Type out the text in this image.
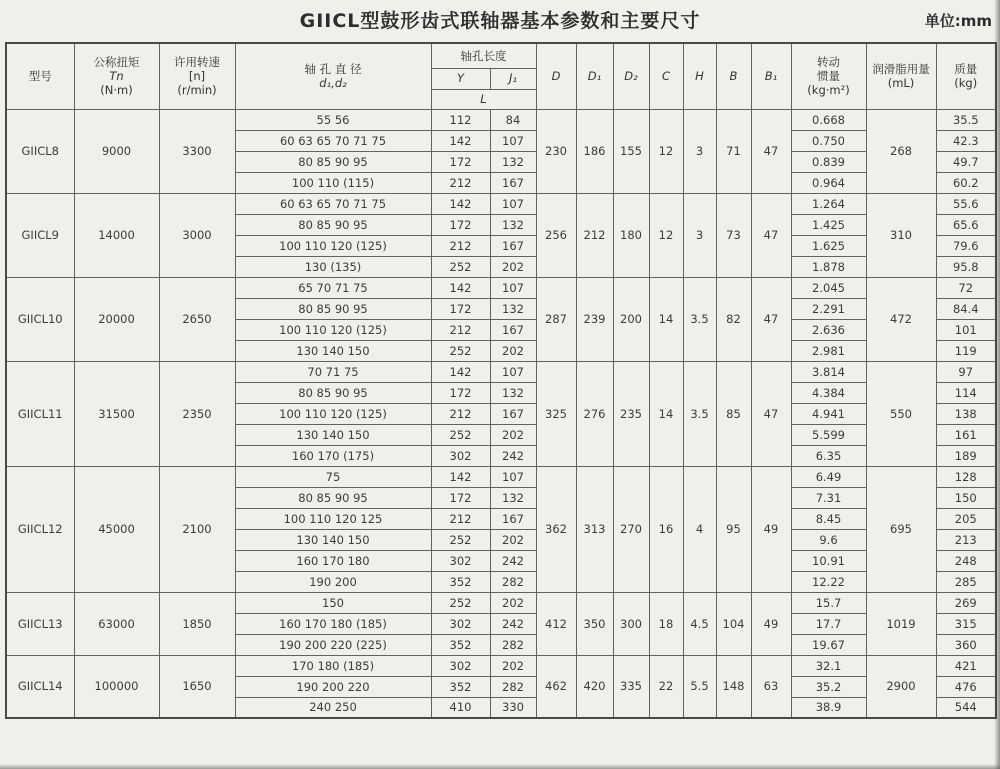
GIICL型鼓形齿式联轴器基本参数和主要尺寸	单位:mm
型号	公称扭矩
Tn
(N·m)	许用转速
[n]
(r/min)	轴 孔 直 径
d₁,d₂	轴孔长度		D	D₁	D₂	C	H	B	B₁	转动
惯量
(kg·m²)	润滑脂用量
(mL)	质量
(kg)

				Y	J₁										
				L											
GIICL8	9000	3300	55 56	112	84	230	186	155	12	3	71	47	0.668	268	35.5
			60 63 65 70 71 75	142	107								0.750		42.3
			80 85 90 95	172	132								0.839		49.7
			100 110 (115)	212	167								0.964		60.2
GIICL9	14000	3000	60 63 65 70 71 75	142	107	256	212	180	12	3	73	47	1.264	310	55.6
			80 85 90 95	172	132								1.425		65.6
			100 110 120 (125)	212	167								1.625		79.6
			130 (135)	252	202								1.878		95.8
GIICL10	20000	2650	65 70 71 75	142	107	287	239	200	14	3.5	82	47	2.045	472	72
			80 85 90 95	172	132								2.291		84.4
			100 110 120 (125)	212	167								2.636		101
			130 140 150	252	202								2.981		119
GIICL11	31500	2350	70 71 75	142	107	325	276	235	14	3.5	85	47	3.814	550	97
			80 85 90 95	172	132								4.384		114
			100 110 120 (125)	212	167								4.941		138
			130 140 150	252	202								5.599		161
			160 170 (175)	302	242								6.35		189
GIICL12	45000	2100	75	142	107	362	313	270	16	4	95	49	6.49	695	128
			80 85 90 95	172	132								7.31		150
			100 110 120 125	212	167								8.45		205
			130 140 150	252	202								9.6		213
			160 170 180	302	242								10.91		248
			190 200	352	282								12.22		285
GIICL13	63000	1850	150	252	202	412	350	300	18	4.5	104	49	15.7	1019	269
			160 170 180 (185)	302	242								17.7		315
			190 200 220 (225)	352	282								19.67		360
GIICL14	100000	1650	170 180 (185)	302	202	462	420	335	22	5.5	148	63	32.1	2900	421
			190 200 220	352	282								35.2		476
			240 250	410	330								38.9		544
